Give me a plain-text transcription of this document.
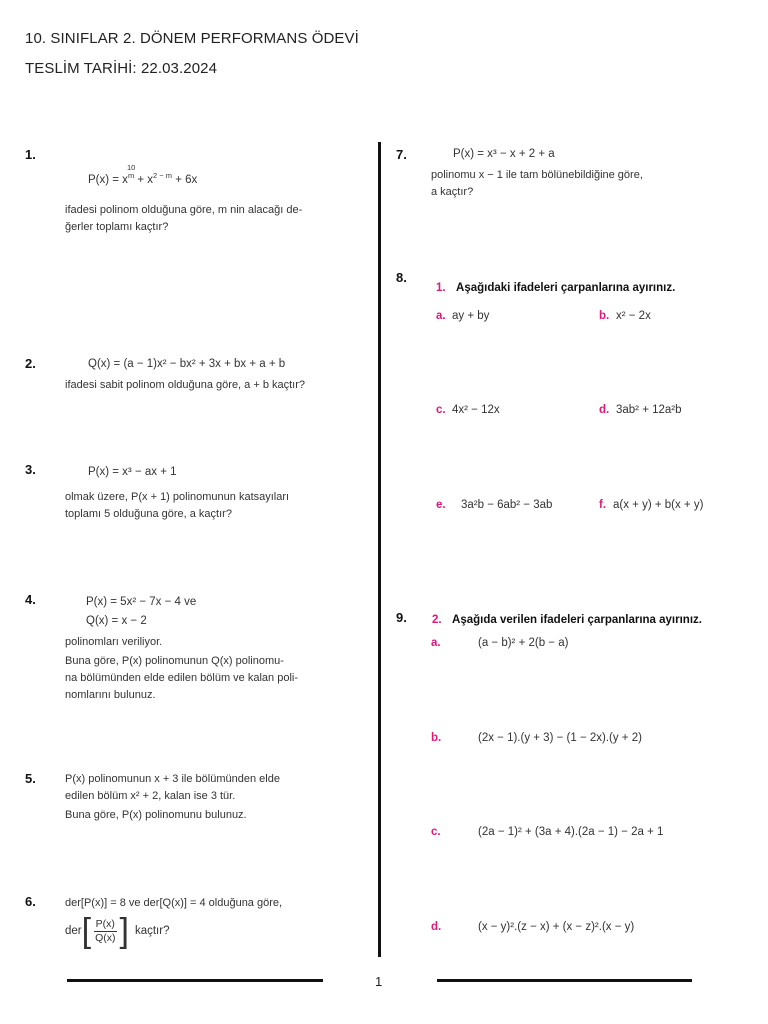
10. SINIFLAR 2. DÖNEM PERFORMANS ÖDEVİ
TESLİM TARİHİ: 22.03.2024
1.
P(x) = x
10
$^m + x^{2 - m} + 6x$
ifadesi polinom olduğuna göre, m nin alacağı de-
ğerler toplamı kaçtır?
2.	Q(x) = (a − 1)x² − bx² + 3x + bx + a + b
ifadesi sabit polinom olduğuna göre, a + b kaçtır?
3.	P(x) = x³ − ax + 1
olmak üzere, P(x + 1) polinomunun katsayıları
toplamı 5 olduğuna göre, a kaçtır?
4.	P(x) = 5x² − 7x − 4 ve
Q(x) = x − 2
polinomları veriliyor.
Buna göre, P(x) polinomunun Q(x) polinomu-
na bölümünden elde edilen bölüm ve kalan poli-
nomlarını bulunuz.
5.	P(x) polinomunun x + 3 ile bölümünden elde
edilen bölüm x² + 2, kalan ise 3 tür.
Buna göre, P(x) polinomunu bulunuz.
6.	der[P(x)] = 8 ve der[Q(x)] = 4 olduğuna göre,
der [ $\frac{P(x)}{Q(x)}$ ] kaçtır?
7.	P(x) = x³ − x + 2 + a
polinomu x − 1 ile tam bölünebildiğine göre,
a kaçtır?
8.
1. Aşağıdaki ifadeleri çarpanlarına ayırınız.
a. ay + by	b. x² − 2x
c. 4x² − 12x	d. 3ab² + 12a²b
e. 3a²b − 6ab² − 3ab	f. a(x + y) + b(x + y)
9. 2. Aşağıda verilen ifadeleri çarpanlarına ayırınız.
a.	(a − b)² + 2(b − a)
b.	(2x − 1).(y + 3) − (1 − 2x).(y + 2)
c.	(2a − 1)² + (3a + 4).(2a − 1) − 2a + 1
d.	(x − y)².(z − x) + (x − z)².(x − y)
1
